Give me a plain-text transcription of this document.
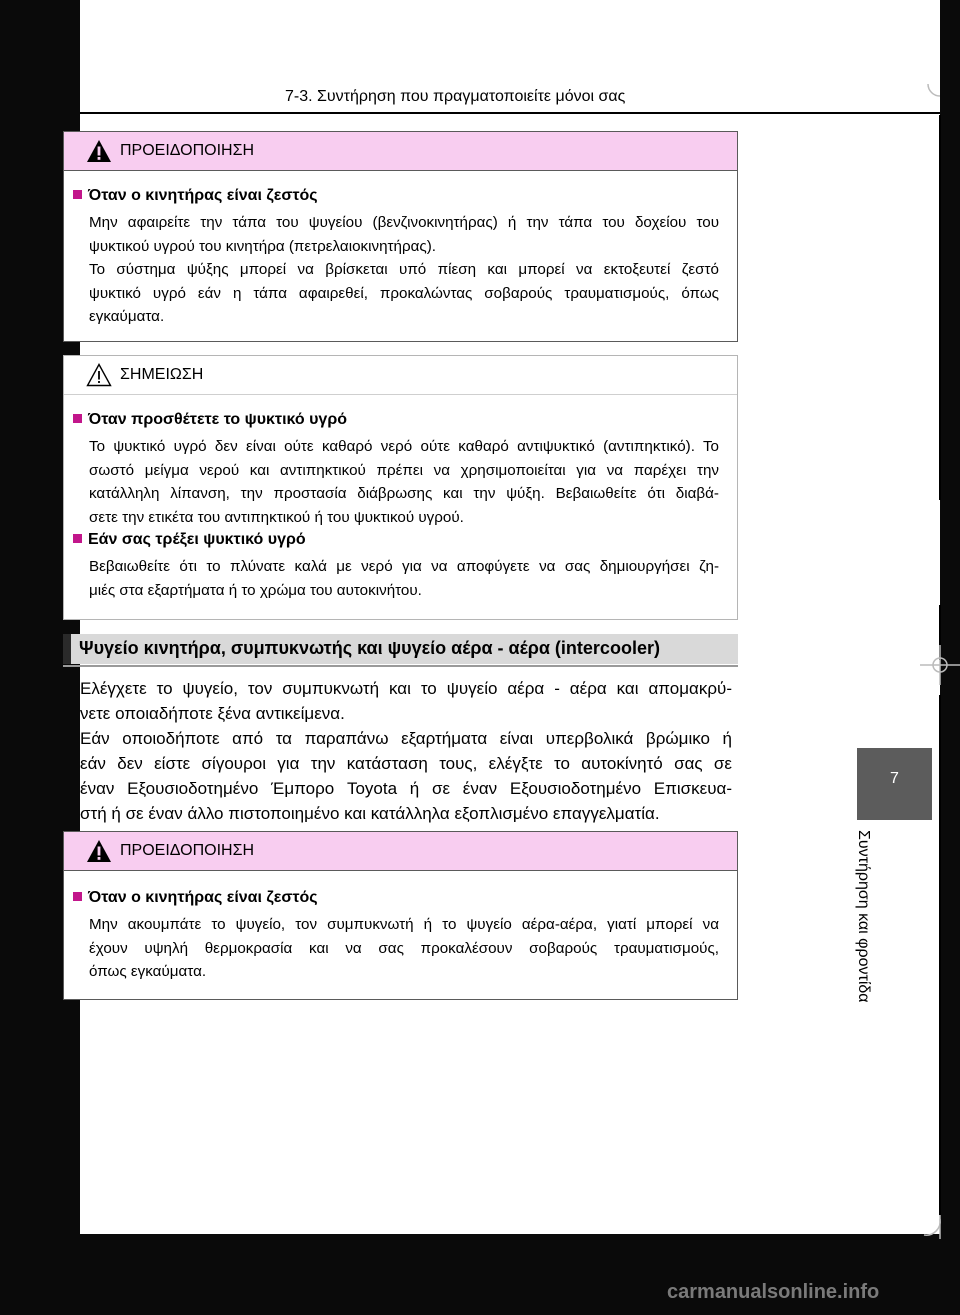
7-3. Συντήρηση που πραγματοποιείτε μόνοι σας
ΠΡΟΕΙΔΟΠΟΙΗΣΗ
Όταν ο κινητήρας είναι ζεστός
Μην αφαιρείτε την τάπα του ψυγείου (βενζινοκινητήρας) ή την τάπα του δοχείου του
ψυκτικού υγρού του κινητήρα (πετρελαιοκινητήρας).
Το σύστημα ψύξης μπορεί να βρίσκεται υπό πίεση και μπορεί να εκτοξευτεί ζεστό
ψυκτικό υγρό εάν η τάπα αφαιρεθεί, προκαλώντας σοβαρούς τραυματισμούς, όπως
εγκαύματα.
ΣΗΜΕΙΩΣΗ
Όταν προσθέτετε το ψυκτικό υγρό
Το ψυκτικό υγρό δεν είναι ούτε καθαρό νερό ούτε καθαρό αντιψυκτικό (αντιπηκτικό). Το
σωστό μείγμα νερού και αντιπηκτικού πρέπει να χρησιμοποιείται για να παρέχει την
κατάλληλη λίπανση, την προστασία διάβρωσης και την ψύξη. Βεβαιωθείτε ότι διαβά-
σετε την ετικέτα του αντιπηκτικού ή του ψυκτικού υγρού.
Εάν σας τρέξει ψυκτικό υγρό
Βεβαιωθείτε ότι το πλύνατε καλά με νερό για να αποφύγετε να σας δημιουργήσει ζη-
μιές στα εξαρτήματα ή το χρώμα του αυτοκινήτου.
Ψυγείο κινητήρα, συμπυκνωτής και ψυγείο αέρα - αέρα (intercooler)
Ελέγχετε το ψυγείο, τον συμπυκνωτή και το ψυγείο αέρα - αέρα και απομακρύ-
νετε οποιαδήποτε ξένα αντικείμενα.
Εάν οποιοδήποτε από τα παραπάνω εξαρτήματα είναι υπερβολικά βρώμικο ή
εάν δεν είστε σίγουροι για την κατάσταση τους, ελέγξτε το αυτοκίνητό σας σε
έναν Εξουσιοδοτημένο Έμπορο Toyota ή σε έναν Εξουσιοδοτημένο Επισκευα-
στή ή σε έναν άλλο πιστοποιημένο και κατάλληλα εξοπλισμένο επαγγελματία.
ΠΡΟΕΙΔΟΠΟΙΗΣΗ
Όταν ο κινητήρας είναι ζεστός
Μην ακουμπάτε το ψυγείο, τον συμπυκνωτή ή το ψυγείο αέρα-αέρα, γιατί μπορεί να
έχουν υψηλή θερμοκρασία και να σας προκαλέσουν σοβαρούς τραυματισμούς,
όπως εγκαύματα.
7
Συντήρηση και φροντίδα
carmanualsonline.info
